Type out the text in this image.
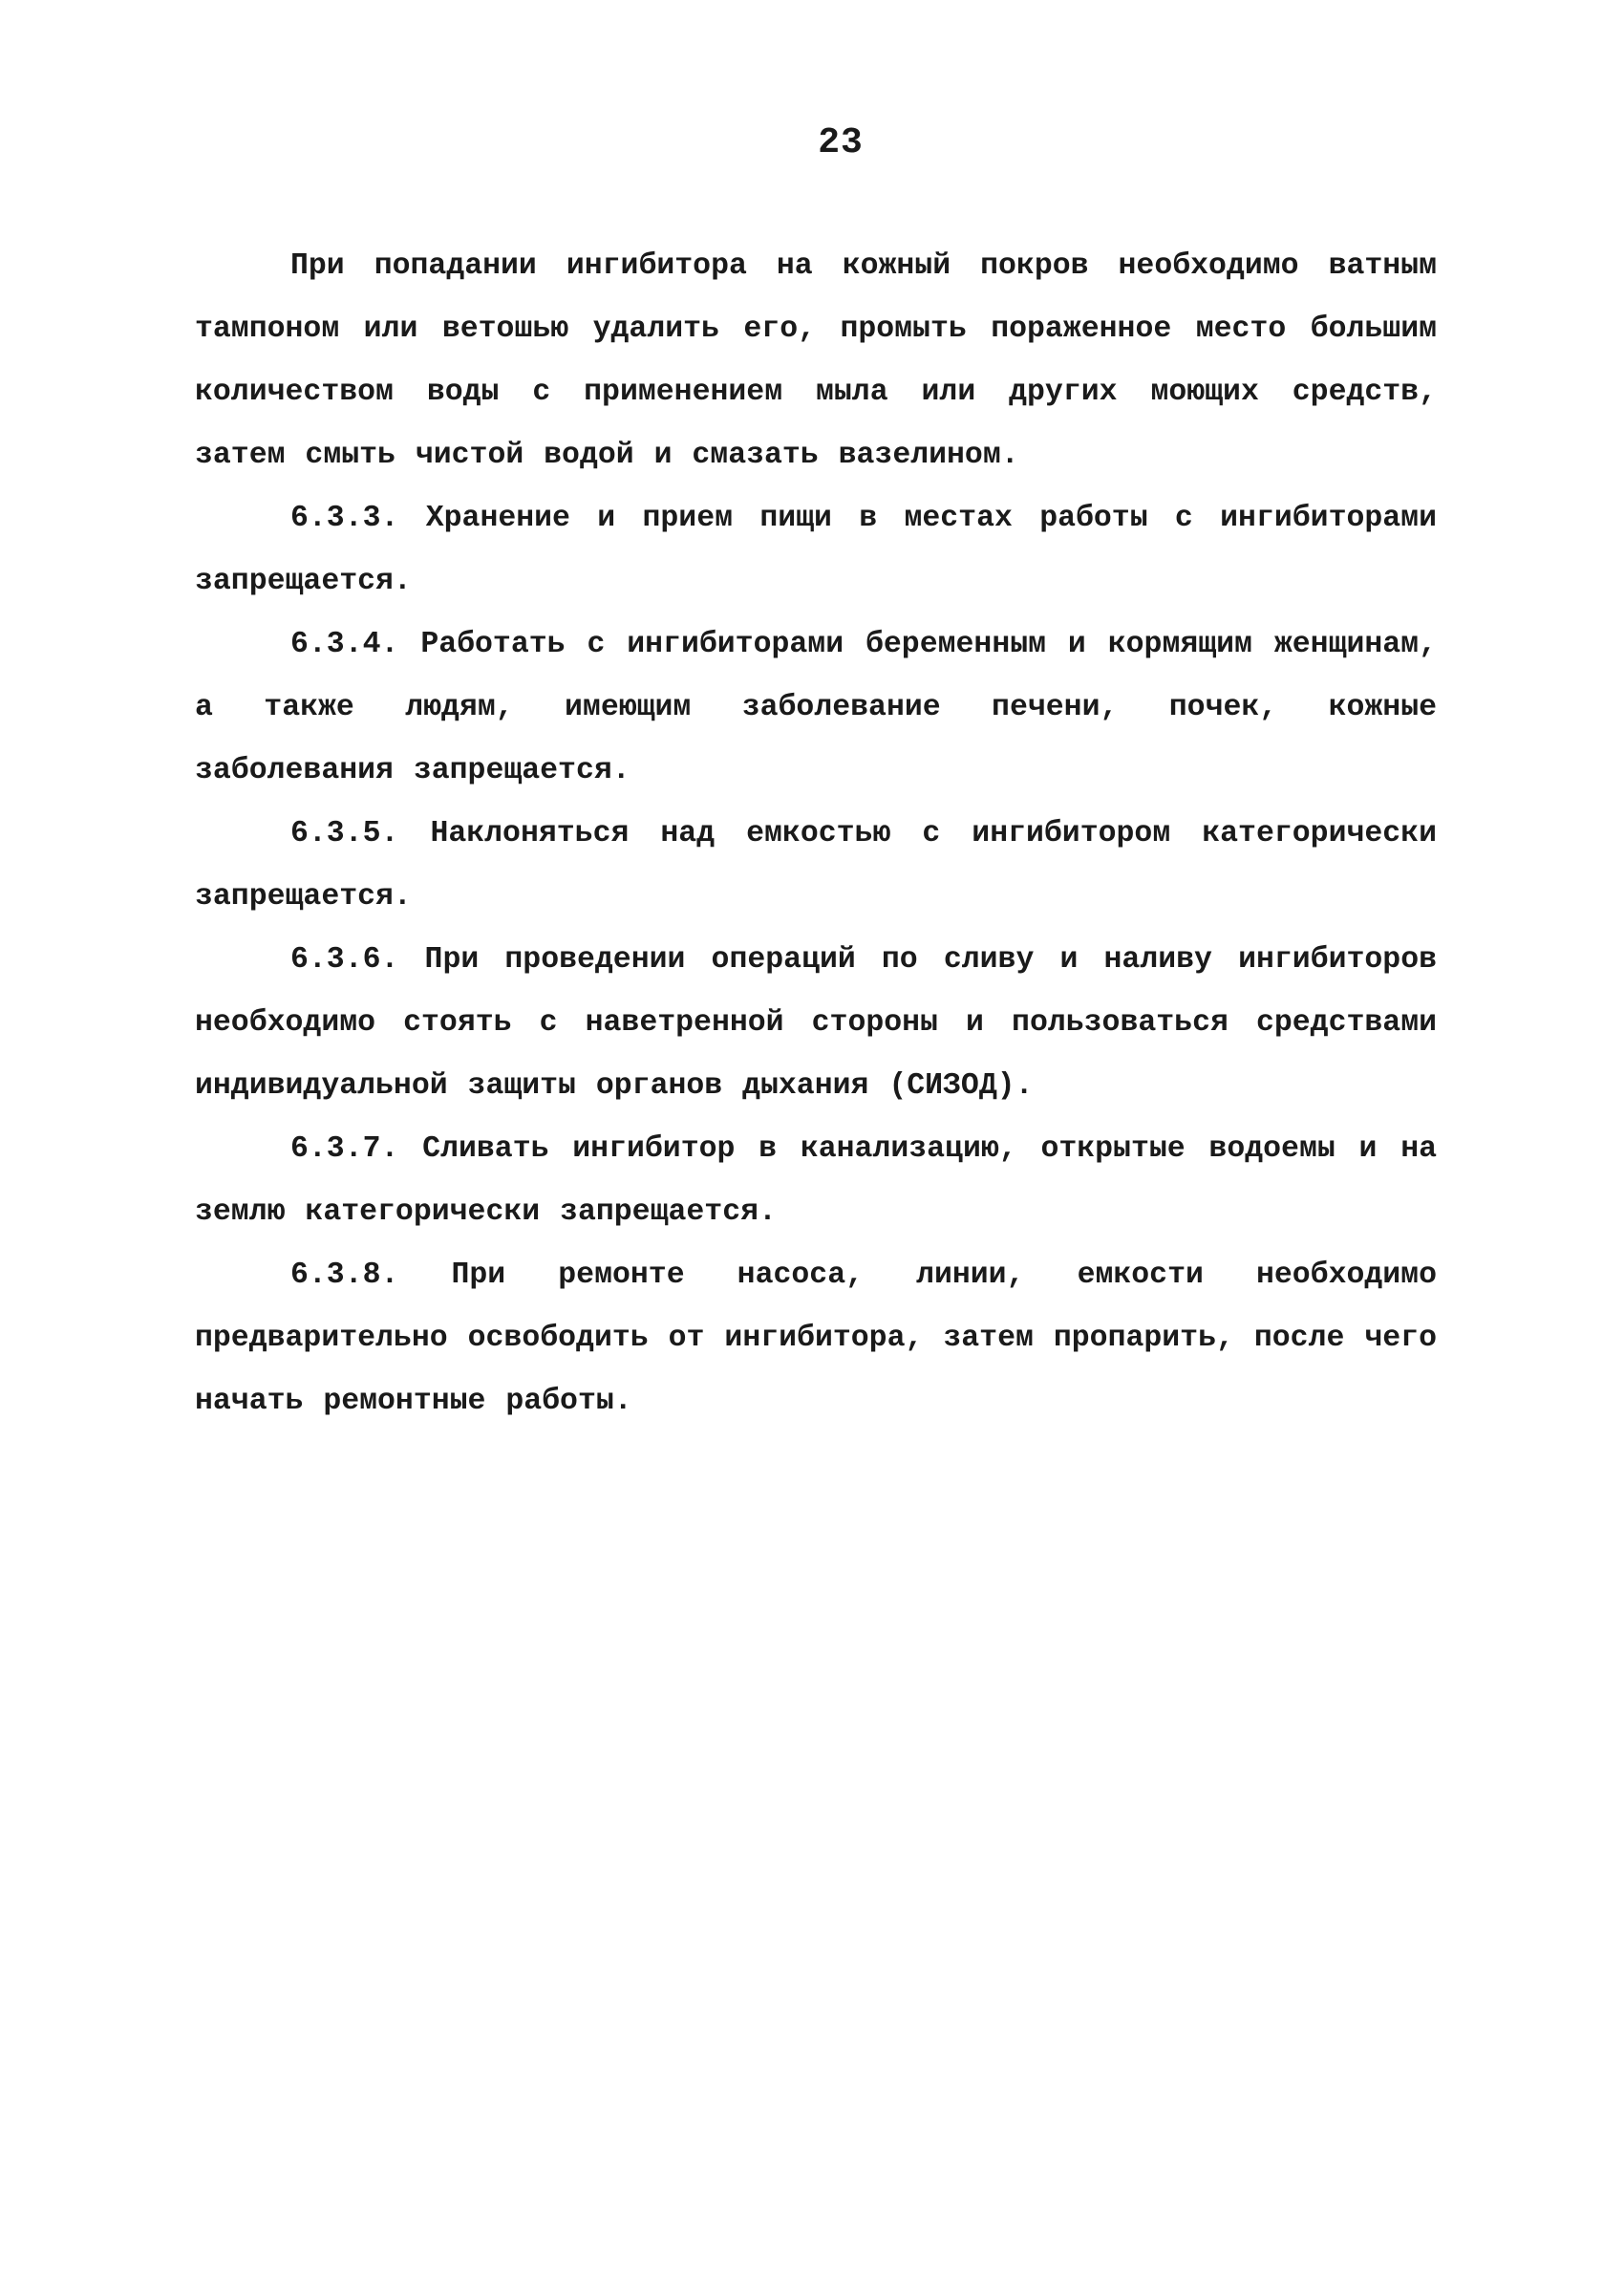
23

При попадании ингибитора на кожный покров необходимо ватным тампоном или ветошью удалить его, промыть пораженное место большим количеством воды с применением мыла или других моющих средств, затем смыть чистой водой и смазать вазелином.

6.3.3. Хранение и прием пищи в местах работы с ингибиторами запрещается.

6.3.4. Работать с ингибиторами беременным и кормящим женщинам, а также людям, имеющим заболевание печени, почек, кожные заболевания запрещается.

6.3.5. Наклоняться над емкостью с ингибитором категорически запрещается.

6.3.6. При проведении операций по сливу и наливу ингибиторов необходимо стоять с наветренной стороны и пользоваться средствами индивидуальной защиты органов дыхания (СИЗОД).

6.3.7. Сливать ингибитор в канализацию, открытые водоемы и на землю категорически запрещается.

6.3.8. При ремонте насоса, линии, емкости необходимо предварительно освободить от ингибитора, затем пропарить, после чего начать ремонтные работы.
